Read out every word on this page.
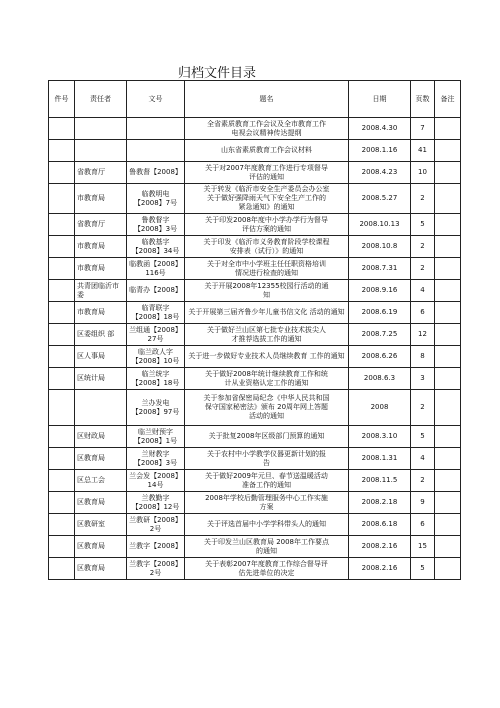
归档文件目录
件号	责任者	文号	题名	日期	页数	备注

			全省素质教育工作会议及全市教育工作
电视会议精神传达提纲	2008.4.30	7	

			山东省素质教育工作会议材料	2008.1.16	41	
	省教育厅	鲁教督【2008】	关于对2007年度教育工作进行专项督导
评估的通知	2008.4.23	10	
	市教育局	临教明电
【2008】7号	关于转发《临沂市安全生产委员会办公室
关于做好强降雨天气下安全生产工作的
紧急通知》的通知	2008.5.27	2	
	省教育厅	鲁教督字
【2008】3号	关于印发2008年度中小学办学行为督导
评估方案的通知	2008.10.13	5	
	市教育局	临教基字
【2008】34号	关于印发《临沂市义务教育阶段学校课程
安排表（试行）》的通知	2008.10.8	2	
	市教育局	临教函【2008】
116号	关于对全市中小学班主任任职资格培训
情况进行检查的通知	2008.7.31	2	
	共青团临沂市委	临青办【2008】	关于开展2008年12355校园行活动的通
知	2008.9.16	4	
	市教育局	临青联字
【2008】18号	关于开展第三届齐鲁少年儿童书信文化 活动的通知	2008.6.19	6	
	区委组织 部	兰组通【2008】
27号	关于做好兰山区第七批专业技术拔尖人
才推荐选拔工作的通知	2008.7.25	12	
	区人事局	临兰政人字
【2008】10号	关于进一步做好专业技术人员继续教育 工作的通知	2008.6.26	8	
	区统计局	临兰统字
【2008】18号	关于做好2008年统计继续教育工作和统
计从业资格认定工作的通知	2008.6.3	3	

		兰办发电
【2008】97号	关于参加省保密局纪念《中华人民共和国
保守国家秘密法》颁布 20周年网上答题
活动的通知	2008	2	
	区财政局	临兰财预字
【2008】1号	关于批复2008年区级部门预算的通知	2008.3.10	5	
	区教育局	兰财教字
【2008】3号	关于农村中小学教学仪器更新计划的报
告	2008.1.31	4	
	区总工会	兰会发【2008】
14号	关于做好2009年元旦、春节送温暖活动
准备工作的通知	2008.11.5	2	
	区教育局	兰教勤字
【2008】12号	2008年学校后勤管理服务中心工作实施
方案	2008.2.18	9	
	区教研室	兰教研【2008】
2号	关于评选首届中小学学科带头人的通知	2008.6.18	6	
	区教育局	兰教字【2008】	关于印发兰山区教育局 2008年工作要点
的通知	2008.2.16	15	
	区教育局	兰教字【2008】
2号	关于表彰2007年度教育工作综合督导评
估先进单位的决定	2008.2.16	5	
